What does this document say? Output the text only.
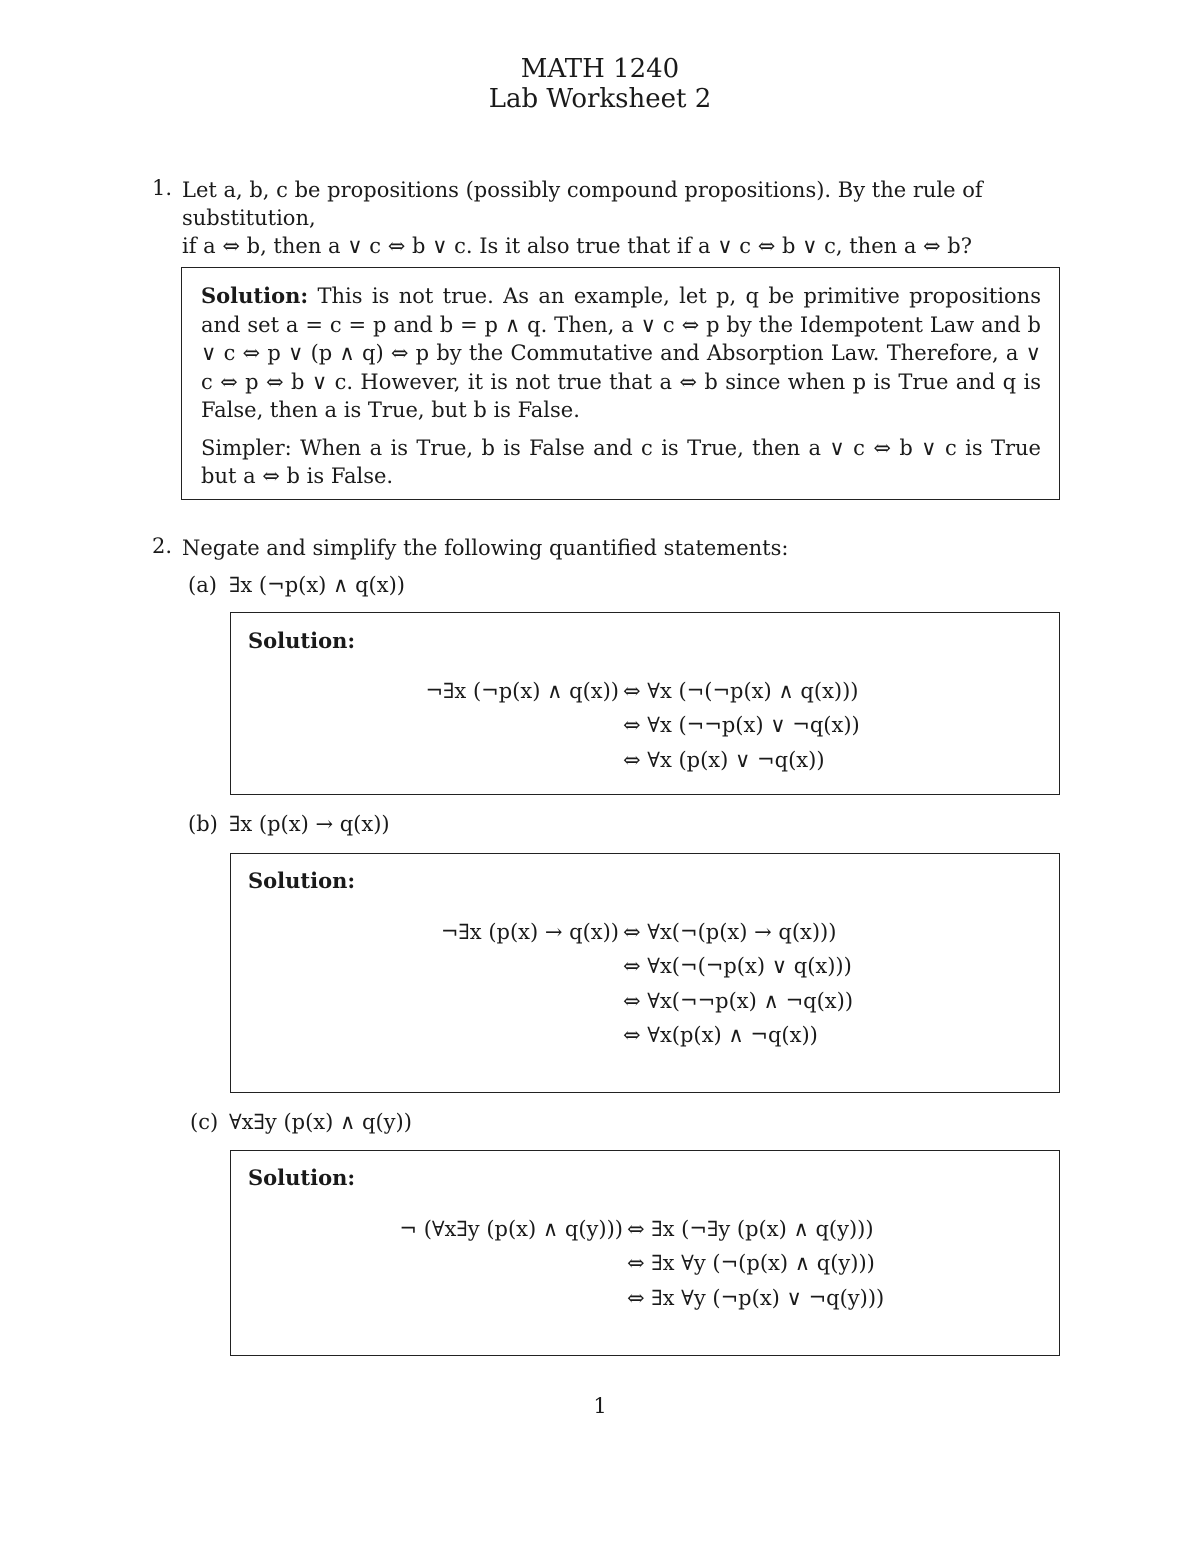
MATH 1240
Lab Worksheet 2
1. Let a, b, c be propositions (possibly compound propositions). By the rule of substitution,
if a ⇔ b, then a ∨ c ⇔ b ∨ c. Is it also true that if a ∨ c ⇔ b ∨ c, then a ⇔ b?

Solution: This is not true. As an example, let p, q be primitive propositions and set a = c = p and b = p ∧ q. Then, a ∨ c ⇔ p by the Idempotent Law and b ∨ c ⇔ p ∨ (p ∧ q) ⇔ p by the Commutative and Absorption Law. Therefore, a ∨ c ⇔ p ⇔ b ∨ c. However, it is not true that a ⇔ b since when p is True and q is False, then a is True, but b is False.

Simpler: When a is True, b is False and c is True, then a ∨ c ⇔ b ∨ c is True but a ⇔ b is False.

2. Negate and simplify the following quantified statements:
(a) ∃x (¬p(x) ∧ q(x))
Solution:
¬∃x (¬p(x) ∧ q(x)) ⇔ ∀x (¬(¬p(x) ∧ q(x)))
⇔ ∀x (¬¬p(x) ∨ ¬q(x))
⇔ ∀x (p(x) ∨ ¬q(x))
(b) ∃x (p(x) → q(x))
Solution:
¬∃x (p(x) → q(x)) ⇔ ∀x(¬(p(x) → q(x)))
⇔ ∀x(¬(¬p(x) ∨ q(x)))
⇔ ∀x(¬¬p(x) ∧ ¬q(x))
⇔ ∀x(p(x) ∧ ¬q(x))
(c) ∀x∃y (p(x) ∧ q(y))
Solution:
¬ (∀x∃y (p(x) ∧ q(y))) ⇔ ∃x (¬∃y (p(x) ∧ q(y)))
⇔ ∃x ∀y (¬(p(x) ∧ q(y)))
⇔ ∃x ∀y (¬p(x) ∨ ¬q(y)))
1
